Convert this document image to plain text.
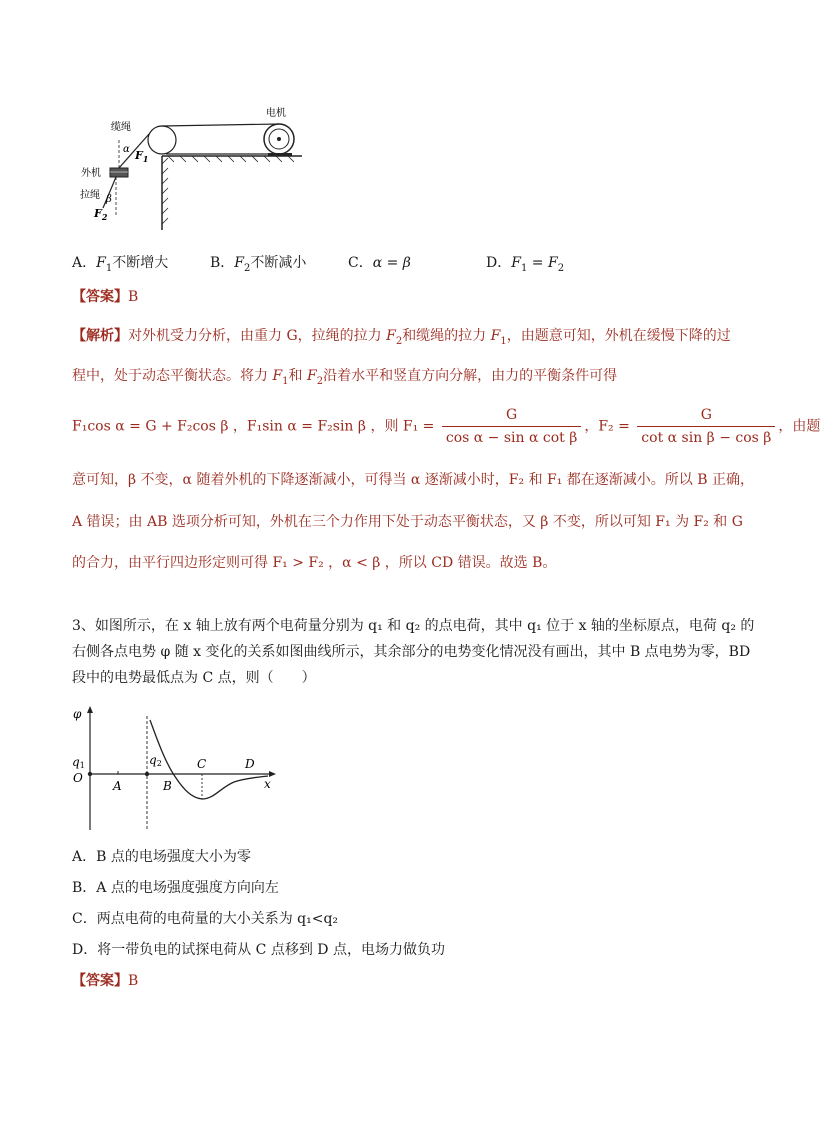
电机
缆绳
α $F_1$
外机
拉绳 β
$F_2$
A．$F_1$不断增大	B．$F_2$不断减小	C．α = β	D．$F_1 = F_2$
【答案】B
【解析】对外机受力分析，由重力 G，拉绳的拉力 $F_2$和缆绳的拉力 $F_1$，由题意可知，外机在缓慢下降的过
程中，处于动态平衡状态。将力 $F_1$和 $F_2$沿着水平和竖直方向分解，由力的平衡条件可得
F₁cos α = G + F₂cos β ，F₁sin α = F₂sin β ，则 $F_1 = \frac{G}{\text{cos α − sin α cot β}}$ ，$F_2 = \frac{G}{\text{cot α sin β − cos β}}$ ，由题
意可知，β 不变，α 随着外机的下降逐渐减小，可得当 α 逐渐减小时，F₂ 和 F₁ 都在逐渐减小。所以 B 正确，
A 错误；由 AB 选项分析可知，外机在三个力作用下处于动态平衡状态，又 β 不变，所以可知 F₁ 为 F₂ 和 G
的合力，由平行四边形定则可得 F₁ > F₂ ，α < β ，所以 CD 错误。故选 B。
3、如图所示，在 x 轴上放有两个电荷量分别为 q₁ 和 q₂ 的点电荷，其中 q₁ 位于 x 轴的坐标原点，电荷 q₂ 的
右侧各点电势 φ 随 x 变化的关系如图曲线所示，其余部分的电势变化情况没有画出，其中 B 点电势为零，BD
段中的电势最低点为 C 点，则（　　）
φ
q1
O
A
q2
B
C	D
x
A．B 点的电场强度大小为零
B．A 点的电场强度强度方向向左
C．两点电荷的电荷量的大小关系为 q₁<q₂
D．将一带负电的试探电荷从 C 点移到 D 点，电场力做负功
【答案】B
